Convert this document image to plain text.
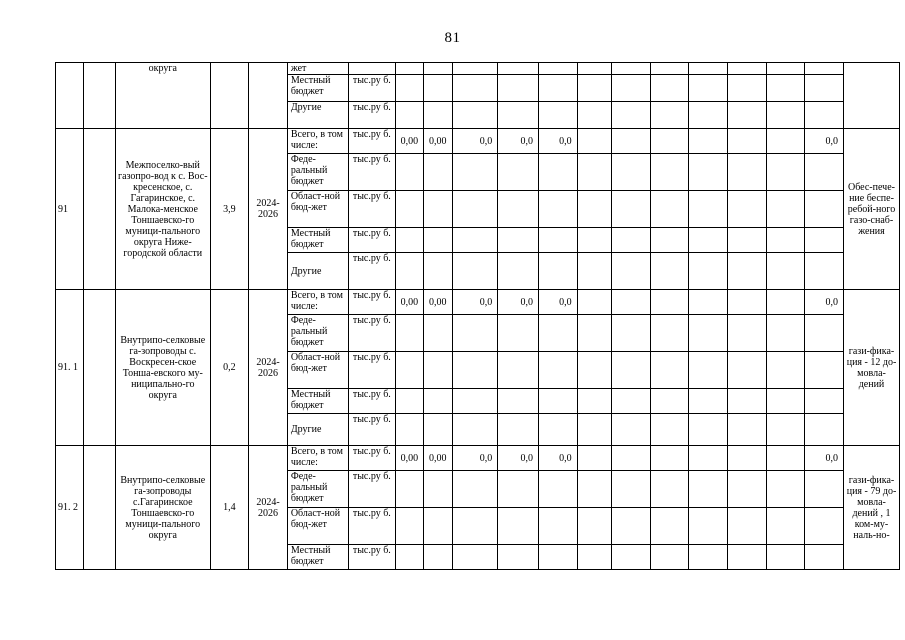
81
		округа			жет														
					Местный бюджет	тыс.ру б.													
					Другие	тыс.ру б.													
91		Межпоселко-вый газопро-вод к с. Вос-кресенское, с. Гагаринское, с. Малока-менское Тоншаевско-го муници-пального округа Ниже-городской области	3,9	2024-2026	Всего, в том числе:	тыс.ру б.	0,00	0,00	0,0	0,0	0,0							0,0	Обес-пече-ние беспе-ребой-ного газо-снаб-жения
					Феде-ральный бюджет	тыс.ру б.													
					Област-ной бюд-жет	тыс.ру б.													
					Местный бюджет	тыс.ру б.													
					Другие	тыс.ру б.													
91. 1		Внутрипо-селковые га-зопроводы с. Воскресен-ское Тонша-евского му-ниципально-го округа	0,2	2024-2026	Всего, в том числе:	тыс.ру б.	0,00	0,00	0,0	0,0	0,0							0,0	гази-фика-ция - 12 до-мовла-дений
					Феде-ральный бюджет	тыс.ру б.													
					Област-ной бюд-жет	тыс.ру б.													
					Местный бюджет	тыс.ру б.													
					Другие	тыс.ру б.													
91. 2		Внутрипо-селковые га-зопроводы с.Гагаринское Тоншаевско-го муници-пального округа	1,4	2024-2026	Всего, в том числе:	тыс.ру б.	0,00	0,00	0,0	0,0	0,0							0,0	гази-фика-ция - 79 до-мовла-дений , 1 ком-му-наль-но-
					Феде-ральный бюджет	тыс.ру б.													
					Област-ной бюд-жет	тыс.ру б.													
					Местный бюджет	тыс.ру б.													
